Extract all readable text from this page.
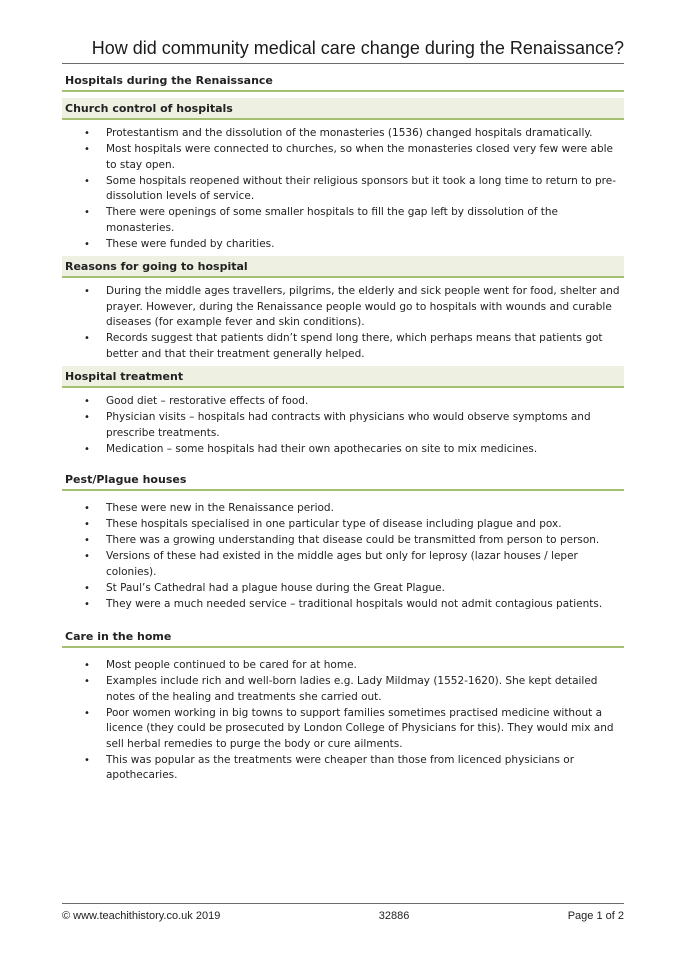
How did community medical care change during the Renaissance?
Hospitals during the Renaissance
Church control of hospitals
• Protestantism and the dissolution of the monasteries (1536) changed hospitals dramatically.
• Most hospitals were connected to churches, so when the monasteries closed very few were able to stay open.
• Some hospitals reopened without their religious sponsors but it took a long time to return to pre-dissolution levels of service.
• There were openings of some smaller hospitals to fill the gap left by dissolution of the monasteries.
• These were funded by charities.
Reasons for going to hospital
• During the middle ages travellers, pilgrims, the elderly and sick people went for food, shelter and prayer. However, during the Renaissance people would go to hospitals with wounds and curable diseases (for example fever and skin conditions).
• Records suggest that patients didn’t spend long there, which perhaps means that patients got better and that their treatment generally helped.
Hospital treatment
• Good diet – restorative effects of food.
• Physician visits – hospitals had contracts with physicians who would observe symptoms and prescribe treatments.
• Medication – some hospitals had their own apothecaries on site to mix medicines.
Pest/Plague houses
• These were new in the Renaissance period.
• These hospitals specialised in one particular type of disease including plague and pox.
• There was a growing understanding that disease could be transmitted from person to person.
• Versions of these had existed in the middle ages but only for leprosy (lazar houses / leper colonies).
• St Paul’s Cathedral had a plague house during the Great Plague.
• They were a much needed service – traditional hospitals would not admit contagious patients.
Care in the home
• Most people continued to be cared for at home.
• Examples include rich and well-born ladies e.g. Lady Mildmay (1552-1620). She kept detailed notes of the healing and treatments she carried out.
• Poor women working in big towns to support families sometimes practised medicine without a licence (they could be prosecuted by London College of Physicians for this). They would mix and sell herbal remedies to purge the body or cure ailments.
• This was popular as the treatments were cheaper than those from licenced physicians or apothecaries.
© www.teachithistory.co.uk 2019	32886	Page 1 of 2
